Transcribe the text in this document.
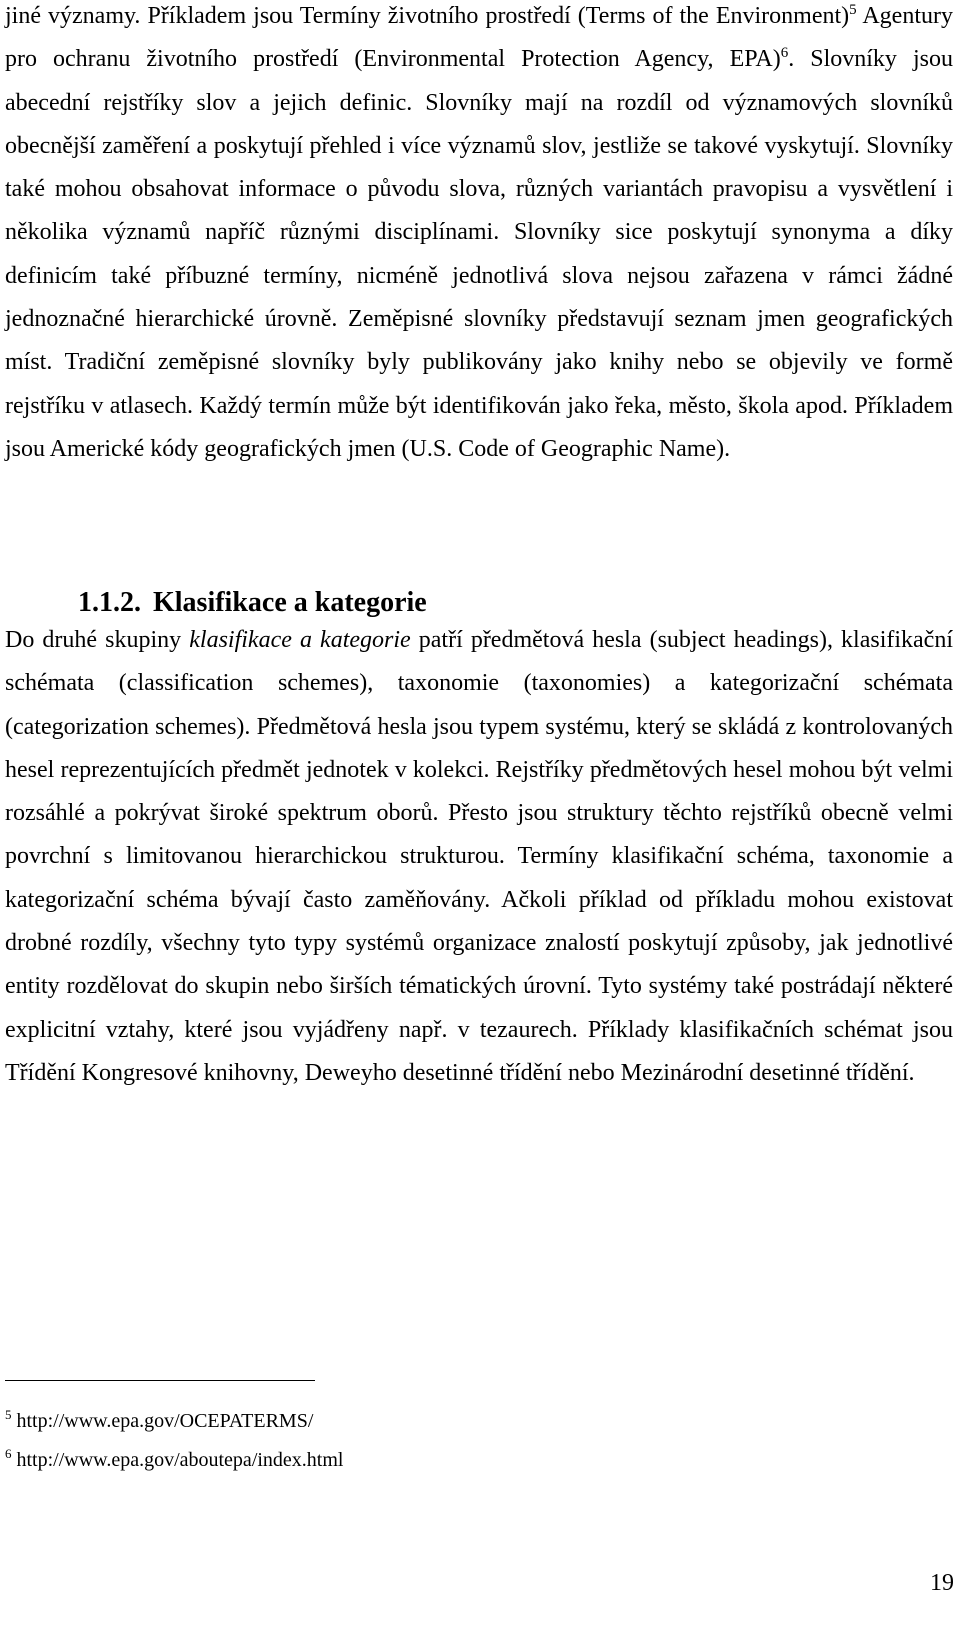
jiné významy. Příkladem jsou Termíny životního prostředí (Terms of the Environment)$^5$ Agentury pro ochranu životního prostředí (Environmental Protection Agency, EPA)$^6$. Slovníky jsou abecední rejstříky slov a jejich definic. Slovníky mají na rozdíl od významových slovníků obecnější zaměření a poskytují přehled i více významů slov, jestliže se takové vyskytují. Slovníky také mohou obsahovat informace o původu slova, různých variantách pravopisu a vysvětlení i několika významů napříč různými disciplínami. Slovníky sice poskytují synonyma a díky definicím také příbuzné termíny, nicméně jednotlivá slova nejsou zařazena v rámci žádné jednoznačné hierarchické úrovně. Zeměpisné slovníky představují seznam jmen geografických míst. Tradiční zeměpisné slovníky byly publikovány jako knihy nebo se objevily ve formě rejstříku v atlasech. Každý termín může být identifikován jako řeka, město, škola apod. Příkladem jsou Americké kódy geografických jmen (U.S. Code of Geographic Name).

1.1.2. Klasifikace a kategorie

Do druhé skupiny klasifikace a kategorie patří předmětová hesla (subject headings), klasifikační schémata (classification schemes), taxonomie (taxonomies) a kategorizační schémata (categorization schemes). Předmětová hesla jsou typem systému, který se skládá z kontrolovaných hesel reprezentujících předmět jednotek v kolekci. Rejstříky předmětových hesel mohou být velmi rozsáhlé a pokrývat široké spektrum oborů. Přesto jsou struktury těchto rejstříků obecně velmi povrchní s limitovanou hierarchickou strukturou. Termíny klasifikační schéma, taxonomie a kategorizační schéma bývají často zaměňovány. Ačkoli příklad od příkladu mohou existovat drobné rozdíly, všechny tyto typy systémů organizace znalostí poskytují způsoby, jak jednotlivé entity rozdělovat do skupin nebo širších tématických úrovní. Tyto systémy také postrádají některé explicitní vztahy, které jsou vyjádřeny např. v tezaurech. Příklady klasifikačních schémat jsou Třídění Kongresové knihovny, Deweyho desetinné třídění nebo Mezinárodní desetinné třídění.

$^5$ http://www.epa.gov/OCEPATERMS/

$^6$ http://www.epa.gov/aboutepa/index.html

19
